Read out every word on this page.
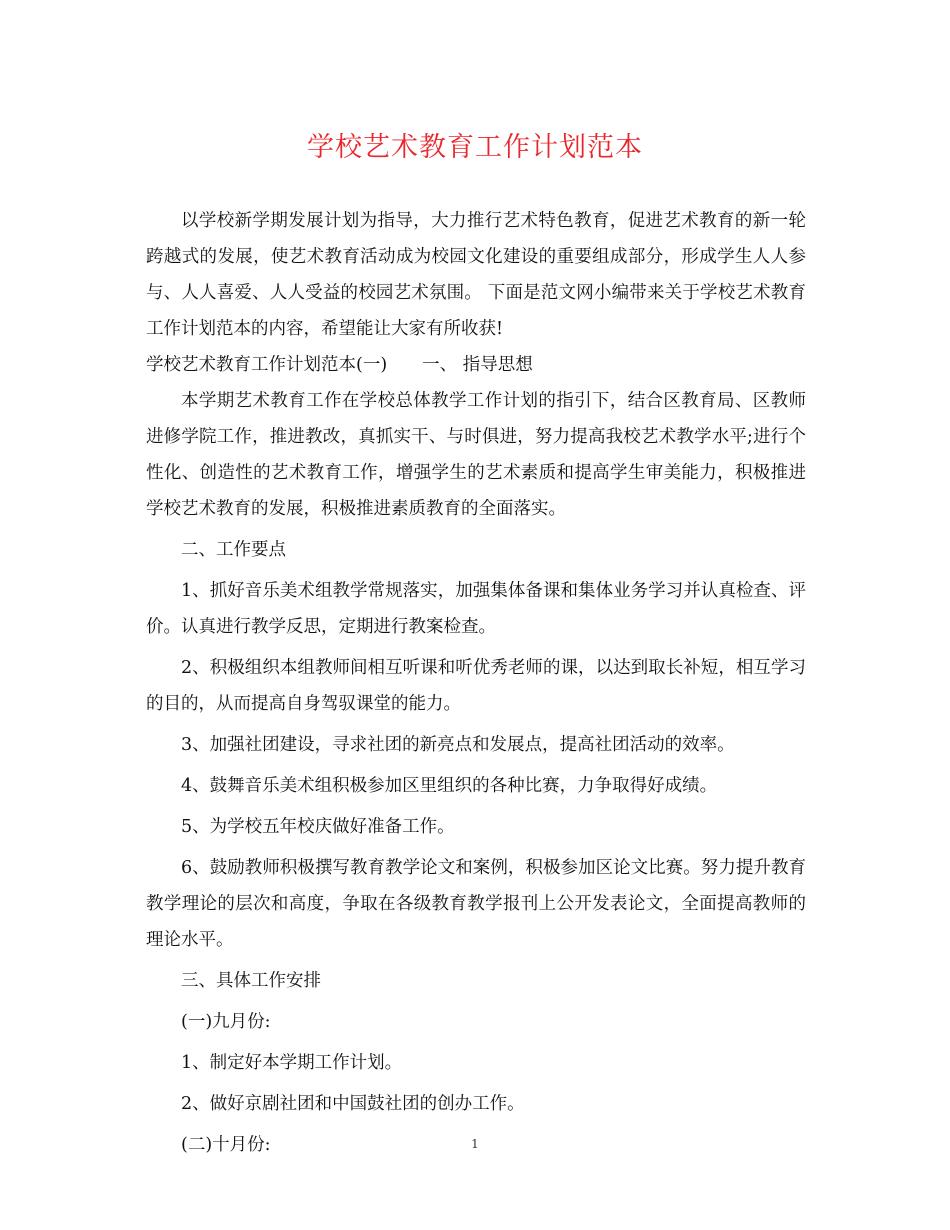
学校艺术教育工作计划范本

以学校新学期发展计划为指导，大力推行艺术特色教育，促进艺术教育的新一轮跨越式的发展，使艺术教育活动成为校园文化建设的重要组成部分，形成学生人人参与、人人喜爱、人人受益的校园艺术氛围。 下面是范文网小编带来关于学校艺术教育工作计划范本的内容，希望能让大家有所收获!

学校艺术教育工作计划范本(一)　　一、 指导思想

本学期艺术教育工作在学校总体教学工作计划的指引下，结合区教育局、区教师进修学院工作，推进教改，真抓实干、与时俱进，努力提高我校艺术教学水平;进行个性化、创造性的艺术教育工作，增强学生的艺术素质和提高学生审美能力，积极推进学校艺术教育的发展，积极推进素质教育的全面落实。

二、工作要点

1、抓好音乐美术组教学常规落实，加强集体备课和集体业务学习并认真检查、评价。认真进行教学反思，定期进行教案检查。

2、积极组织本组教师间相互听课和听优秀老师的课，以达到取长补短，相互学习的目的，从而提高自身驾驭课堂的能力。

3、加强社团建设，寻求社团的新亮点和发展点，提高社团活动的效率。

4、鼓舞音乐美术组积极参加区里组织的各种比赛，力争取得好成绩。

5、为学校五年校庆做好准备工作。

6、鼓励教师积极撰写教育教学论文和案例，积极参加区论文比赛。努力提升教育教学理论的层次和高度，争取在各级教育教学报刊上公开发表论文，全面提高教师的理论水平。

三、具体工作安排

(一)九月份:

1、制定好本学期工作计划。

2、做好京剧社团和中国鼓社团的创办工作。

(二)十月份:	1
